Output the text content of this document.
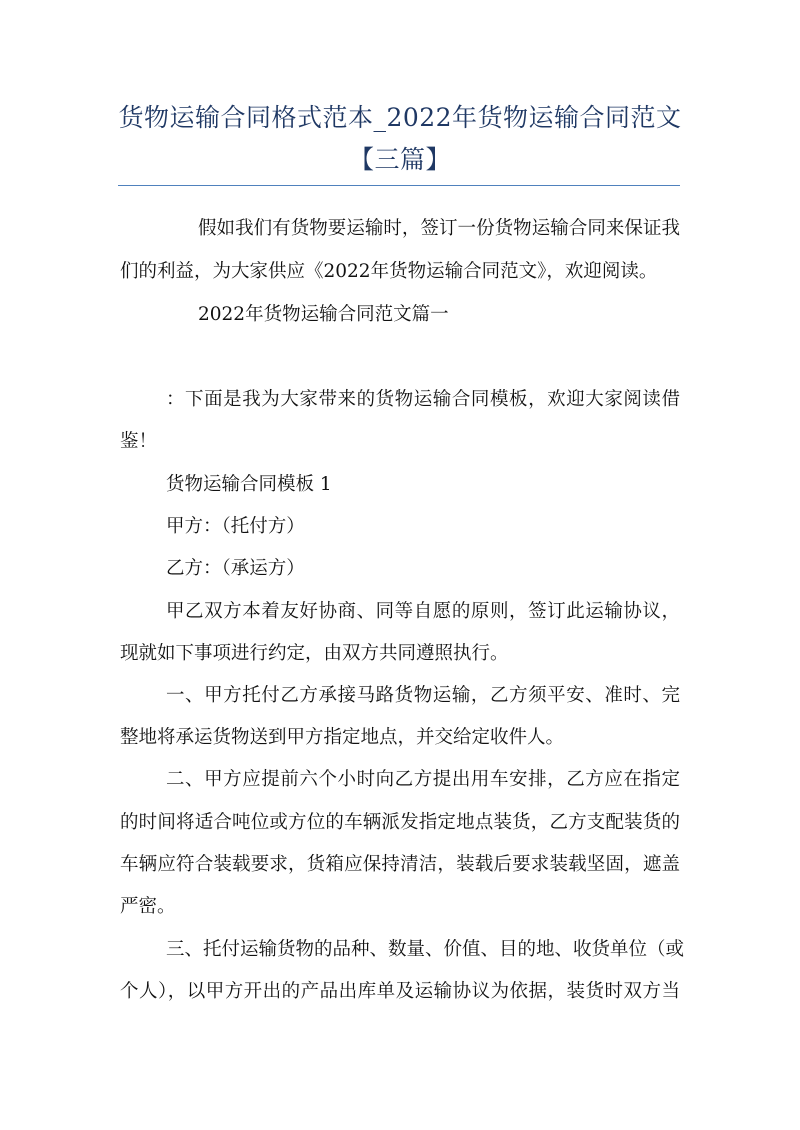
货物运输合同格式范本_2022年货物运输合同范文
【三篇】
假如我们有货物要运输时，签订一份货物运输合同来保证我
们的利益，为大家供应《2022年货物运输合同范文》，欢迎阅读。
2022年货物运输合同范文篇一
：下面是我为大家带来的货物运输合同模板，欢迎大家阅读借
鉴！
货物运输合同模板 1
甲方：（托付方）
乙方：（承运方）
甲乙双方本着友好协商、同等自愿的原则，签订此运输协议，
现就如下事项进行约定，由双方共同遵照执行。
一、甲方托付乙方承接马路货物运输，乙方须平安、准时、完
整地将承运货物送到甲方指定地点，并交给定收件人。
二、甲方应提前六个小时向乙方提出用车安排，乙方应在指定
的时间将适合吨位或方位的车辆派发指定地点装货，乙方支配装货的
车辆应符合装载要求，货箱应保持清洁，装载后要求装载坚固，遮盖
严密。
三、托付运输货物的品种、数量、价值、目的地、收货单位（或
个人），以甲方开出的产品出库单及运输协议为依据，装货时双方当
